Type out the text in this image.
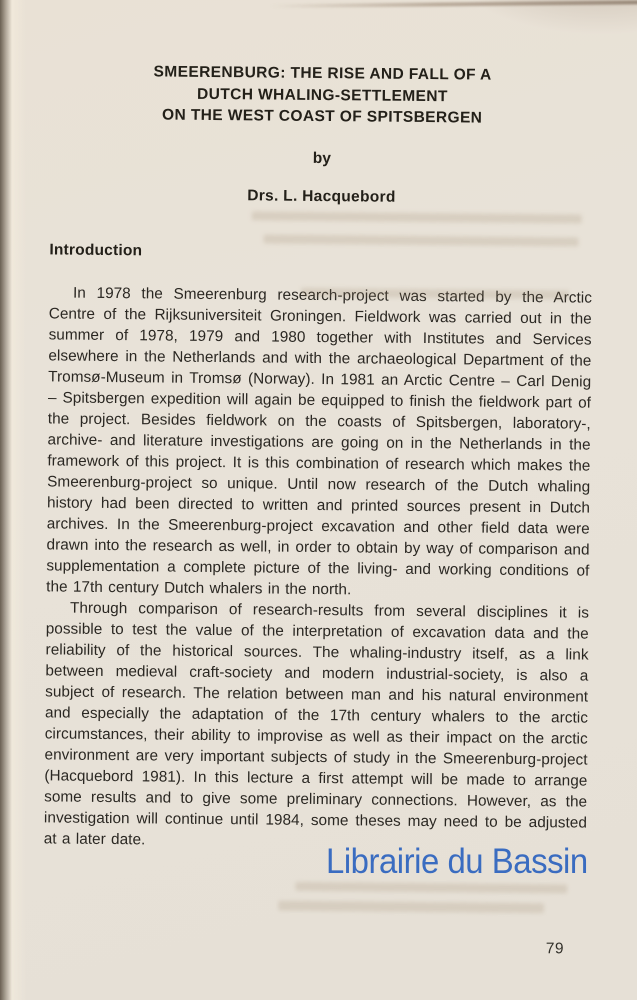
SMEERENBURG: THE RISE AND FALL OF A
DUTCH WHALING-SETTLEMENT
ON THE WEST COAST OF SPITSBERGEN
by
Drs. L. Hacquebord
Introduction

In 1978 the Smeerenburg research-project was started by the Arctic Centre of the Rijksuniversiteit Groningen. Fieldwork was carried out in the summer of 1978, 1979 and 1980 together with Institutes and Services elsewhere in the Netherlands and with the archaeological Department of the Tromsø-Museum in Tromsø (Norway). In 1981 an Arctic Centre – Carl Denig – Spitsbergen expedition will again be equipped to finish the fieldwork part of the project. Besides fieldwork on the coasts of Spitsbergen, laboratory-, archive- and literature investigations are going on in the Netherlands in the framework of this project. It is this combination of research which makes the Smeerenburg-project so unique. Until now research of the Dutch whaling history had been directed to written and printed sources present in Dutch archives. In the Smeerenburg-project excavation and other field data were drawn into the research as well, in order to obtain by way of comparison and supplementation a complete picture of the living- and working conditions of the 17th century Dutch whalers in the north.

Through comparison of research-results from several disciplines it is possible to test the value of the interpretation of excavation data and the reliability of the historical sources. The whaling-industry itself, as a link between medieval craft-society and modern industrial-society, is also a subject of research. The relation between man and his natural environment and especially the adaptation of the 17th century whalers to the arctic circumstances, their ability to improvise as well as their impact on the arctic environment are very important subjects of study in the Smeerenburg-project (Hacquebord 1981). In this lecture a first attempt will be made to arrange some results and to give some preliminary connections. However, as the investigation will continue until 1984, some theses may need to be adjusted at a later date.

79
Librairie du Bassin
